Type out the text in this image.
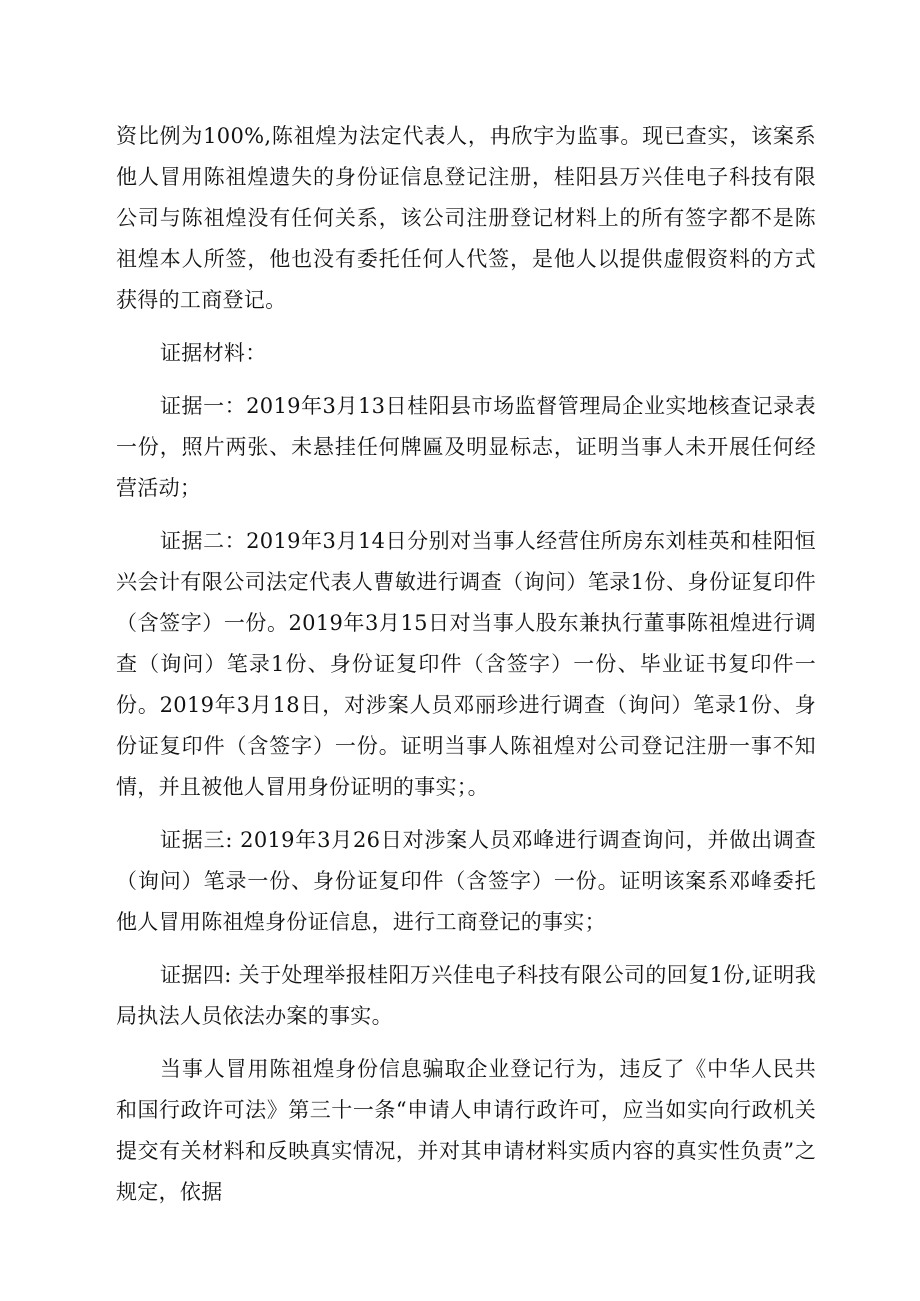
资比例为100%,陈祖煌为法定代表人，冉欣宇为监事。现已查实，该案系他人冒用陈祖煌遗失的身份证信息登记注册，桂阳县万兴佳电子科技有限公司与陈祖煌没有任何关系，该公司注册登记材料上的所有签字都不是陈祖煌本人所签，他也没有委托任何人代签，是他人以提供虚假资料的方式获得的工商登记。

证据材料：

证据一：2019年3月13日桂阳县市场监督管理局企业实地核查记录表一份，照片两张、未悬挂任何牌匾及明显标志，证明当事人未开展任何经营活动；

证据二：2019年3月14日分别对当事人经营住所房东刘桂英和桂阳恒兴会计有限公司法定代表人曹敏进行调查（询问）笔录1份、身份证复印件（含签字）一份。2019年3月15日对当事人股东兼执行董事陈祖煌进行调查（询问）笔录1份、身份证复印件（含签字）一份、毕业证书复印件一份。2019年3月18日，对涉案人员邓丽珍进行调查（询问）笔录1份、身份证复印件（含签字）一份。证明当事人陈祖煌对公司登记注册一事不知情，并且被他人冒用身份证明的事实；。

证据三: 2019年3月26日对涉案人员邓峰进行调查询问，并做出调查（询问）笔录一份、身份证复印件（含签字）一份。证明该案系邓峰委托他人冒用陈祖煌身份证信息，进行工商登记的事实；

证据四: 关于处理举报桂阳万兴佳电子科技有限公司的回复1份,证明我局执法人员依法办案的事实。

当事人冒用陈祖煌身份信息骗取企业登记行为，违反了《中华人民共和国行政许可法》第三十一条“申请人申请行政许可，应当如实向行政机关提交有关材料和反映真实情况，并对其申请材料实质内容的真实性负责”之规定，依据
